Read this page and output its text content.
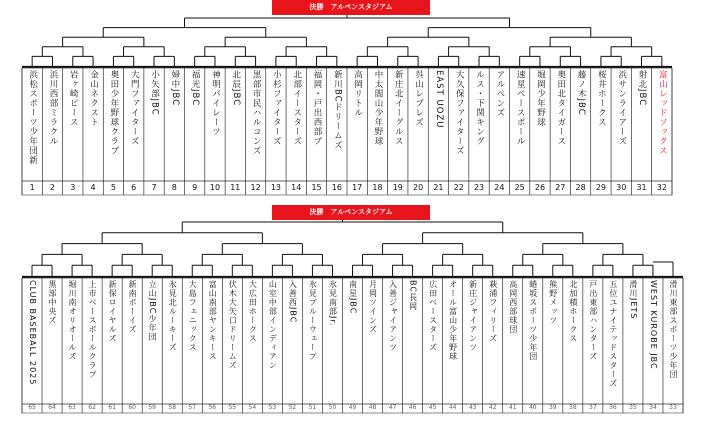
決勝　アルペンスタジアム
決勝　アルペンスタジアム
浜松スポーツ少年団新
1
浜川西部ミラクル
2
岩ヶ崎ピース
3
金山ネクスト
4
奥田少年野球クラブ
5
大門ファイターズ
6
小矢部JBC
7
婦中JBC
8
福光JBC
9
神明パイレーツ
10
北辰JBC
11
黒部市民ハルコンズ
12
小杉ファイターズ
13
北部イースターズ
14
福岡・戸出西部ブ
15
新川BCドリームズ
16
高岡リトル
17
中太閤山少年野球
18
新庄北イーグルス
19
呉山レブレズ
20
EAST UOZU
21
大久保ファイターズ
22
ルス・下関キング
23
アルペンズ
24
速星ベースボール
25
堀岡少年野球
26
奥田北タイガース
27
藤ノ木JBC
28
桜井ホークス
29
浜サンライアーズ
30
射北JBC
31
富山レッドソックス
32
CLUB BASEBALL 2025
65
黒部中央ズ
64
堀川南オリオールズ
63
上市ベースボールクラブ
62
新保ロイヤルズ
61
新南ボーイズ
60
立山JBC少年団
59
氷見北ルーキーズ
58
大島フェニックス
57
富山南部ヤンキース
56
伏木大矢口ドリームズ
55
大広田ホークス
54
山室中部インディアン
53
入善西JBC
52
氷見ブルーウェーブ
51
氷見南部Jr.
50
南星JBC
49
月岡ツインズ
48
入善ジャイアンツ
47
BC長岡
46
広田ベースターズ
45
オール富山少年野球
44
新庄ジャイアンツ
43
萩浦フィリーズ
42
高岡西部球団
41
蜷坂スポーツ少年団
40
熊野メッツ
39
北加積ホークス
38
戸出東部ハンターズ
37
五位ユナイテッドスターズ
36
滑川JETS
35
WEST KUROBE JBC
34
滑川東部スポーツ少年団
33
